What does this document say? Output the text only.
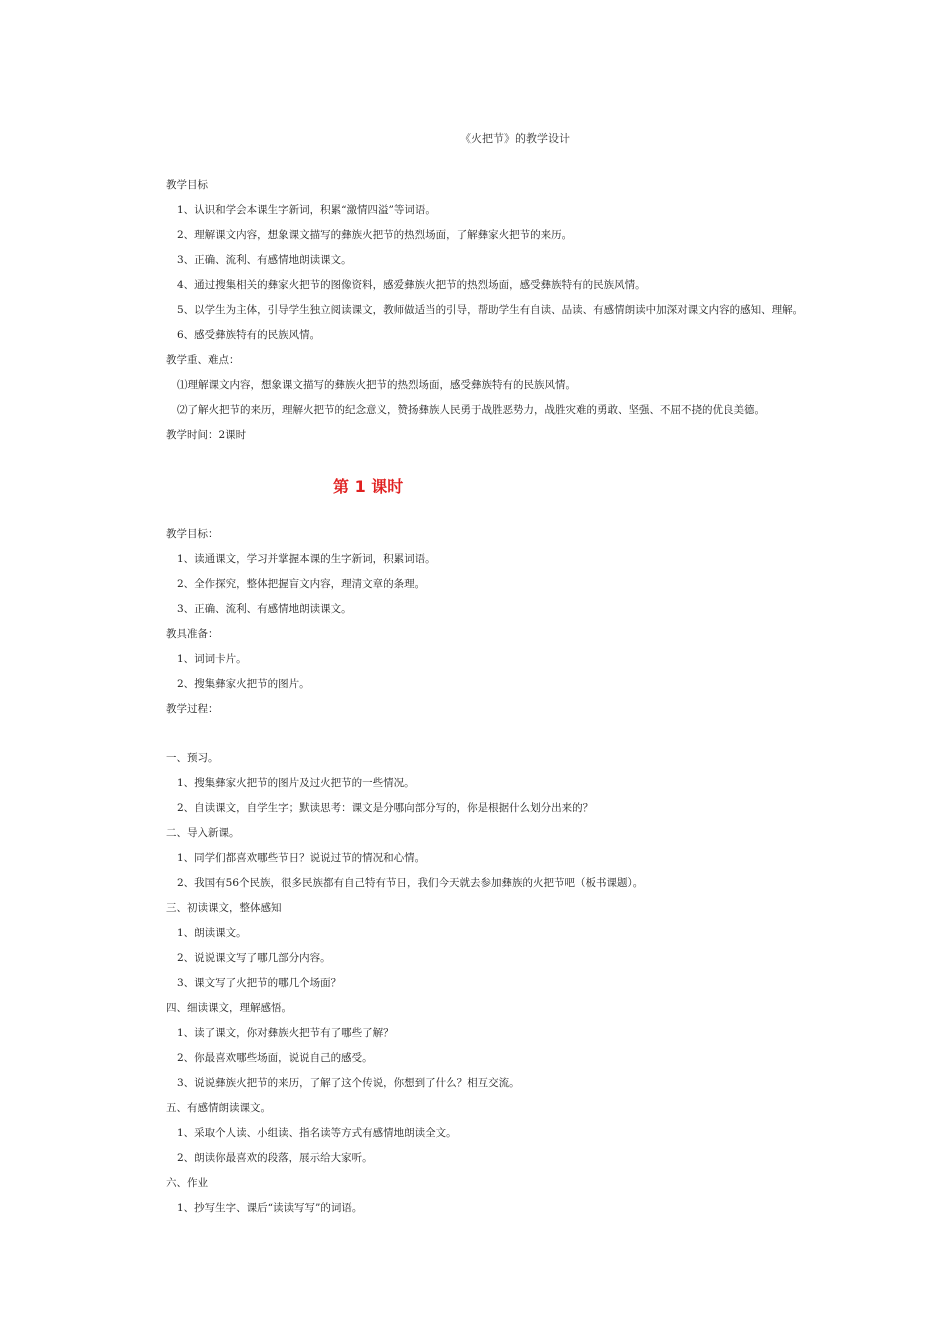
《火把节》的教学设计
教学目标
1、认识和学会本课生字新词，积累“激情四溢”等词语。
2、理解课文内容，想象课文描写的彝族火把节的热烈场面，了解彝家火把节的来历。
3、正确、流利、有感情地朗读课文。
4、通过搜集相关的彝家火把节的图像资料，感爱彝族火把节的热烈场面，感受彝族特有的民族风情。
5、以学生为主体，引导学生独立阅读课文，教师做适当的引导，帮助学生有自读、品读、有感情朗读中加深对课文内容的感知、理解。
6、感受彝族特有的民族风情。
教学重、难点：
⑴理解课文内容，想象课文描写的彝族火把节的热烈场面，感受彝族特有的民族风情。
⑵了解火把节的来历，理解火把节的纪念意义，赞扬彝族人民勇于战胜恶势力，战胜灾难的勇敢、坚强、不屈不挠的优良美德。
教学时间：2课时
第 1 课时
教学目标：
1、读通课文，学习并掌握本课的生字新词，积累词语。
2、全作探究，整体把握盲文内容，理清文章的条理。
3、正确、流利、有感情地朗读课文。
教具准备：
1、词词卡片。
2、搜集彝家火把节的图片。
教学过程：
一、预习。
1、搜集彝家火把节的图片及过火把节的一些情况。
2、自读课文，自学生字；默读思考：课文是分哪向部分写的，你是根据什么划分出来的？
二、导入新课。
1、同学们都喜欢哪些节日？说说过节的情况和心情。
2、我国有56个民族，很多民族都有自己特有节日，我们今天就去参加彝族的火把节吧（板书课题）。
三、初读课文，整体感知
1、朗读课文。
2、说说课文写了哪几部分内容。
3、课文写了火把节的哪几个场面？
四、细读课文，理解感悟。
1、读了课文，你对彝族火把节有了哪些了解？
2、你最喜欢哪些场面，说说自己的感受。
3、说说彝族火把节的来历，了解了这个传说，你想到了什么？相互交流。
五、有感情朗读课文。
1、采取个人读、小组读、指名读等方式有感情地朗读全文。
2、朗读你最喜欢的段落，展示给大家听。
六、作业
1、抄写生字、课后“读读写写”的词语。
